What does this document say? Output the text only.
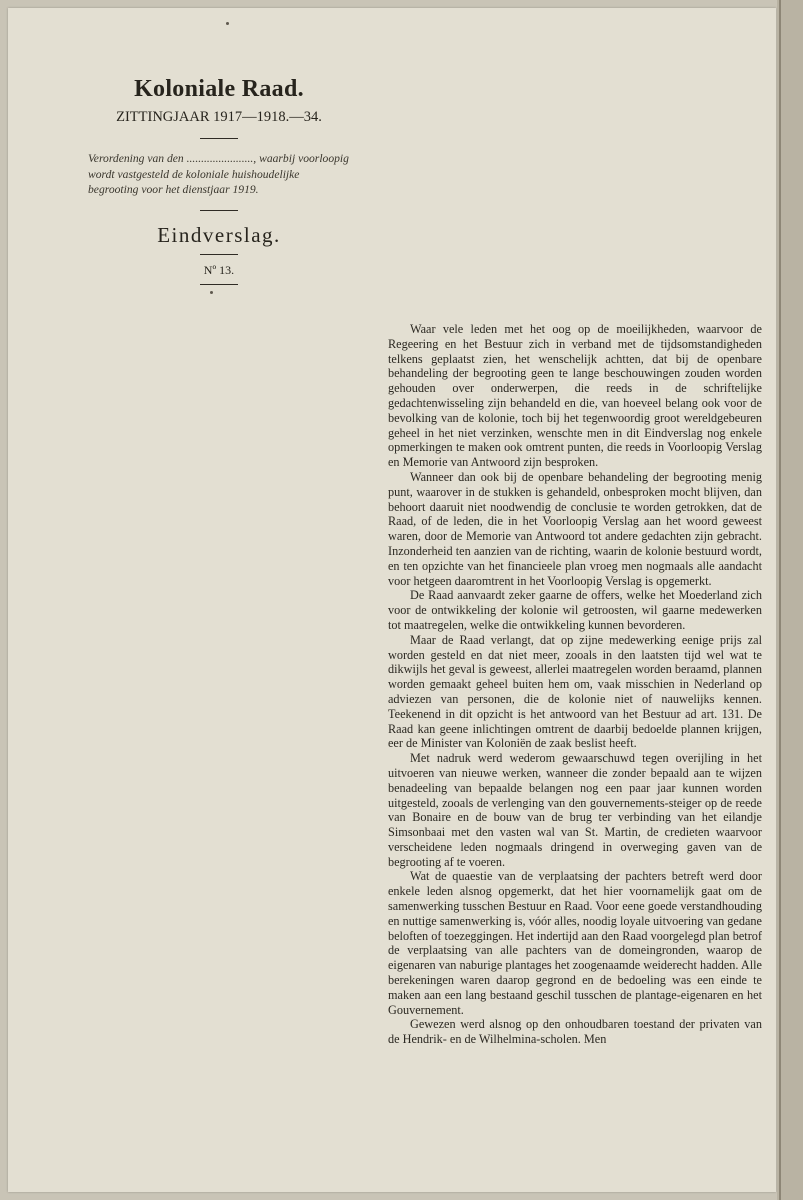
Koloniale Raad.
ZITTINGJAAR 1917—1918.—34.
Verordening van den ......................., waarbij voorloopig wordt vastgesteld de koloniale huishoudelijke begrooting voor het dienstjaar 1919.
Eindverslag.
Nº 13.

Waar vele leden met het oog op de moeilijkheden, waarvoor de Regeering en het Bestuur zich in verband met de tijdsomstandigheden telkens geplaatst zien, het wenschelijk achtten, dat bij de openbare behandeling der begrooting geen te lange beschouwingen zouden worden gehouden over onderwerpen, die reeds in de schriftelijke gedachtenwisseling zijn behandeld en die, van hoeveel belang ook voor de bevolking van de kolonie, toch bij het tegenwoordig groot wereldgebeuren geheel in het niet verzinken, wenschte men in dit Eindverslag nog enkele opmerkingen te maken ook omtrent punten, die reeds in Voorloopig Verslag en Memorie van Antwoord zijn besproken.

Wanneer dan ook bij de openbare behandeling der begrooting menig punt, waarover in de stukken is gehandeld, onbesproken mocht blijven, dan behoort daaruit niet noodwendig de conclusie te worden getrokken, dat de Raad, of de leden, die in het Voorloopig Verslag aan het woord geweest waren, door de Memorie van Antwoord tot andere gedachten zijn gebracht. Inzonderheid ten aanzien van de richting, waarin de kolonie bestuurd wordt, en ten opzichte van het financieele plan vroeg men nogmaals alle aandacht voor hetgeen daaromtrent in het Voorloopig Verslag is opgemerkt.

De Raad aanvaardt zeker gaarne de offers, welke het Moederland zich voor de ontwikkeling der kolonie wil getroosten, wil gaarne medewerken tot maatregelen, welke die ontwikkeling kunnen bevorderen.

Maar de Raad verlangt, dat op zijne medewerking eenige prijs zal worden gesteld en dat niet meer, zooals in den laatsten tijd wel wat te dikwijls het geval is geweest, allerlei maatregelen worden beraamd, plannen worden gemaakt geheel buiten hem om, vaak misschien in Nederland op adviezen van personen, die de kolonie niet of nauwelijks kennen. Teekenend in dit opzicht is het antwoord van het Bestuur ad art. 131. De Raad kan geene inlichtingen omtrent de daarbij bedoelde plannen krijgen, eer de Minister van Koloniën de zaak beslist heeft.

Met nadruk werd wederom gewaarschuwd tegen overijling in het uitvoeren van nieuwe werken, wanneer die zonder bepaald aan te wijzen benadeeling van bepaalde belangen nog een paar jaar kunnen worden uitgesteld, zooals de verlenging van den gouvernements-steiger op de reede van Bonaire en de bouw van de brug ter verbinding van het eilandje Simsonbaai met den vasten wal van St. Martin, de credieten waarvoor verscheidene leden nogmaals dringend in overweging gaven van de begrooting af te voeren.

Wat de quaestie van de verplaatsing der pachters betreft werd door enkele leden alsnog opgemerkt, dat het hier voornamelijk gaat om de samenwerking tusschen Bestuur en Raad. Voor eene goede verstandhouding en nuttige samenwerking is, vóór alles, noodig loyale uitvoering van gedane beloften of toezeggingen. Het indertijd aan den Raad voorgelegd plan betrof de verplaatsing van alle pachters van de domeingronden, waarop de eigenaren van naburige plantages het zoogenaamde weiderecht hadden. Alle berekeningen waren daarop gegrond en de bedoeling was een einde te maken aan een lang bestaand geschil tusschen de plantage-eigenaren en het Gouvernement.

Gewezen werd alsnog op den onhoudbaren toestand der privaten van de Hendrik- en de Wilhelmina-scholen. Men
